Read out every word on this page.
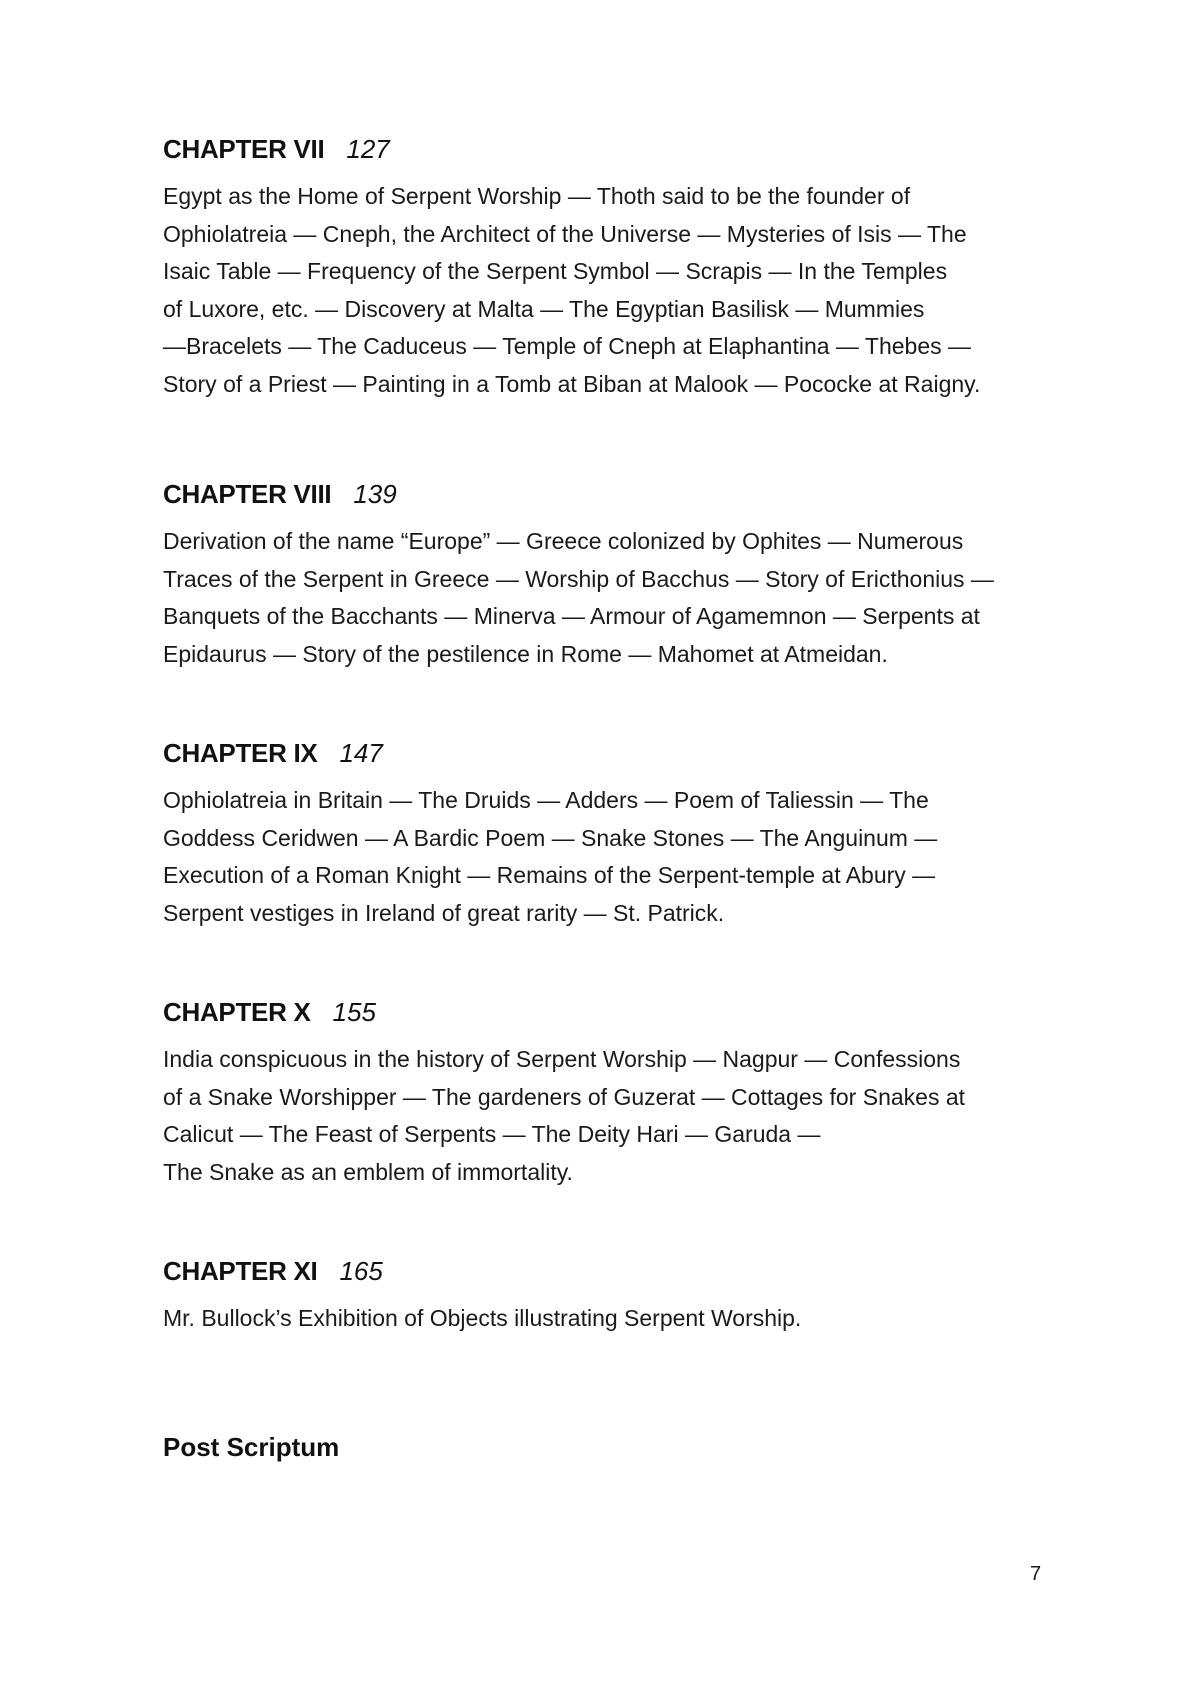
CHAPTER VII 127
Egypt as the Home of Serpent Worship — Thoth said to be the founder of
Ophiolatreia — Cneph, the Architect of the Universe — Mysteries of Isis — The
Isaic Table — Frequency of the Serpent Symbol — Scrapis — In the Temples
of Luxore, etc. — Discovery at Malta — The Egyptian Basilisk — Mummies
—Bracelets — The Caduceus — Temple of Cneph at Elaphantina — Thebes —
Story of a Priest — Painting in a Tomb at Biban at Malook — Pococke at Raigny.
CHAPTER VIII 139
Derivation of the name “Europe” — Greece colonized by Ophites — Numerous
Traces of the Serpent in Greece — Worship of Bacchus — Story of Ericthonius —
Banquets of the Bacchants — Minerva — Armour of Agamemnon — Serpents at
Epidaurus — Story of the pestilence in Rome — Mahomet at Atmeidan.
CHAPTER IX 147
Ophiolatreia in Britain — The Druids — Adders — Poem of Taliessin — The
Goddess Ceridwen — A Bardic Poem — Snake Stones — The Anguinum —
Execution of a Roman Knight — Remains of the Serpent-temple at Abury —
Serpent vestiges in Ireland of great rarity — St. Patrick.
CHAPTER X 155
India conspicuous in the history of Serpent Worship — Nagpur — Confessions
of a Snake Worshipper — The gardeners of Guzerat — Cottages for Snakes at
Calicut — The Feast of Serpents — The Deity Hari — Garuda —
The Snake as an emblem of immortality.
CHAPTER XI 165
Mr. Bullock’s Exhibition of Objects illustrating Serpent Worship.
Post Scriptum
7
